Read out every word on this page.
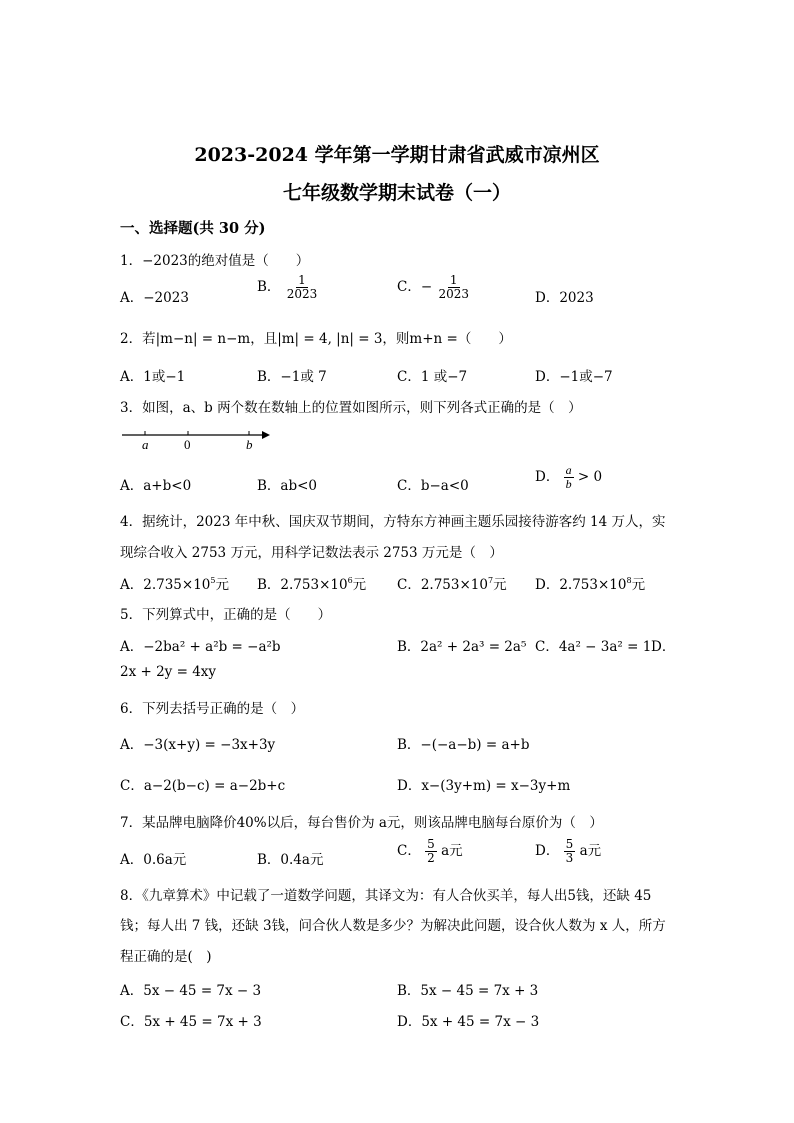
2023-2024 学年第一学期甘肃省武威市凉州区
七年级数学期末试卷（一）
一、选择题(共 30 分)
1．−2023的绝对值是（　　）
A．−2023
B． $\frac{1}{2023}$	C．− $\frac{1}{2023}$	D．2023
2．若|m−n| = n−m，且|m| = 4, |n| = 3，则m+n =（　　）
A．1或−1	B．−1或 7	C．1 或−7	D．−1或−7
3．如图，a、b 两个数在数轴上的位置如图所示，则下列各式正确的是（　）
a	0	b
A．a+b<0	B．ab<0	C．b−a<0
D． $\frac{a}{b} > 0$
4．据统计，2023 年中秋、国庆双节期间，方特东方神画主题乐园接待游客约 14 万人，实
现综合收入 2753 万元，用科学记数法表示 2753 万元是（　）
A．$2.735\times 10^5$元 B．$2.753\times 10^6$元 C．$2.753\times 10^7$元 D．$2.753\times 10^8$元
5．下列算式中，正确的是（　　）
A．−2ba² + a²b = −a²b	B．2a² + 2a³ = 2a⁵ C．4a² − 3a² = 1 D．
2x + 2y = 4xy
6．下列去括号正确的是（　）
A．−3(x+y) = −3x+3y	B．−(−a−b) = a+b
C．a−2(b−c) = a−2b+c	D．x−(3y+m) = x−3y+m
7．某品牌电脑降价40%以后，每台售价为 a元，则该品牌电脑每台原价为（　）
A．0.6a元	B．0.4a元
C． $\frac{5}{2}$ a元	D． $\frac{5}{3}$ a元
8．《九章算术》中记载了一道数学问题，其译文为：有人合伙买羊，每人出5钱，还缺 45
钱；每人出 7 钱，还缺 3钱，问合伙人数是多少？为解决此问题，设合伙人数为 x 人，所方
程正确的是(　)
A．5x − 45 = 7x − 3	B．5x − 45 = 7x + 3
C．5x + 45 = 7x + 3	D．5x + 45 = 7x − 3
